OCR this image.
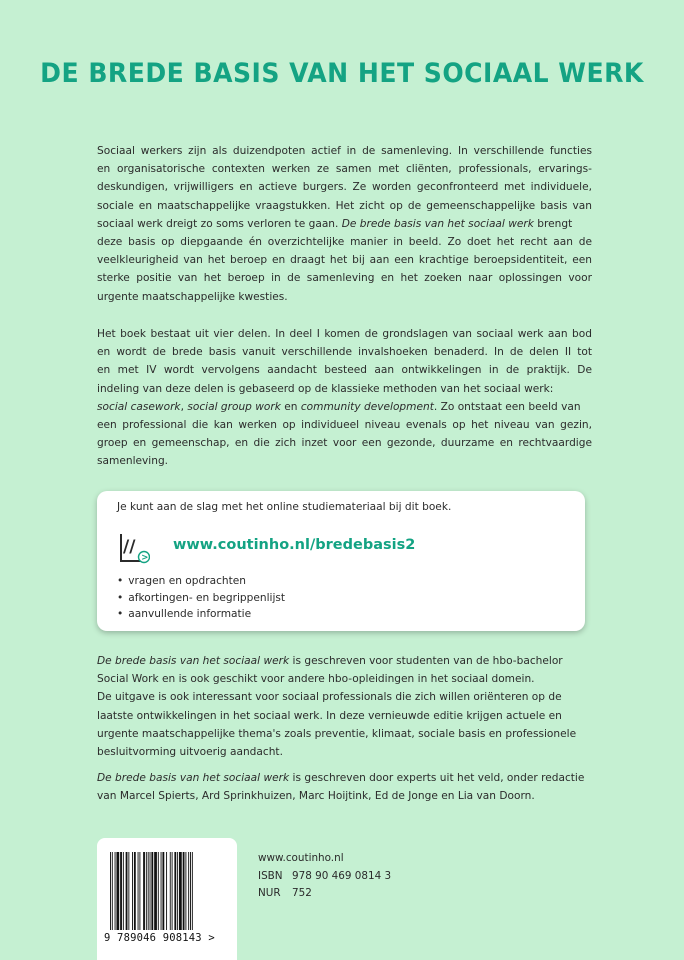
DE BREDE BASIS VAN HET SOCIAAL WERK
Sociaal werkers zijn als duizendpoten actief in de samenleving. In verschillende functies
en organisatorische contexten werken ze samen met cliënten, professionals, ervarings-
deskundigen, vrijwilligers en actieve burgers. Ze worden geconfronteerd met individuele,
sociale en maatschappelijke vraagstukken. Het zicht op de gemeenschappelijke basis van
sociaal werk dreigt zo soms verloren te gaan. De brede basis van het sociaal werk brengt
deze basis op diepgaande én overzichtelijke manier in beeld. Zo doet het recht aan de
veelkleurigheid van het beroep en draagt het bij aan een krachtige beroepsidentiteit, een
sterke positie van het beroep in de samenleving en het zoeken naar oplossingen voor
urgente maatschappelijke kwesties.
Het boek bestaat uit vier delen. In deel I komen de grondslagen van sociaal werk aan bod
en wordt de brede basis vanuit verschillende invalshoeken benaderd. In de delen II tot
en met IV wordt vervolgens aandacht besteed aan ontwikkelingen in de praktijk. De
indeling van deze delen is gebaseerd op de klassieke methoden van het sociaal werk:
social casework, social group work en community development. Zo ontstaat een beeld van
een professional die kan werken op individueel niveau evenals op het niveau van gezin,
groep en gemeenschap, en die zich inzet voor een gezonde, duurzame en rechtvaardige
samenleving.
Je kunt aan de slag met het online studiemateriaal bij dit boek.
//
>
www.coutinho.nl/bredebasis2
• vragen en opdrachten
• afkortingen- en begrippenlijst
• aanvullende informatie
De brede basis van het sociaal werk is geschreven voor studenten van de hbo-bachelor
Social Work en is ook geschikt voor andere hbo-opleidingen in het sociaal domein.
De uitgave is ook interessant voor sociaal professionals die zich willen oriënteren op de
laatste ontwikkelingen in het sociaal werk. In deze vernieuwde editie krijgen actuele en
urgente maatschappelijke thema's zoals preventie, klimaat, sociale basis en professionele
besluitvorming uitvoerig aandacht.
De brede basis van het sociaal werk is geschreven door experts uit het veld, onder redactie
van Marcel Spierts, Ard Sprinkhuizen, Marc Hoijtink, Ed de Jonge en Lia van Doorn.
9 789046 908143 >
www.coutinho.nl
ISBN 978 90 469 0814 3
NUR 752
